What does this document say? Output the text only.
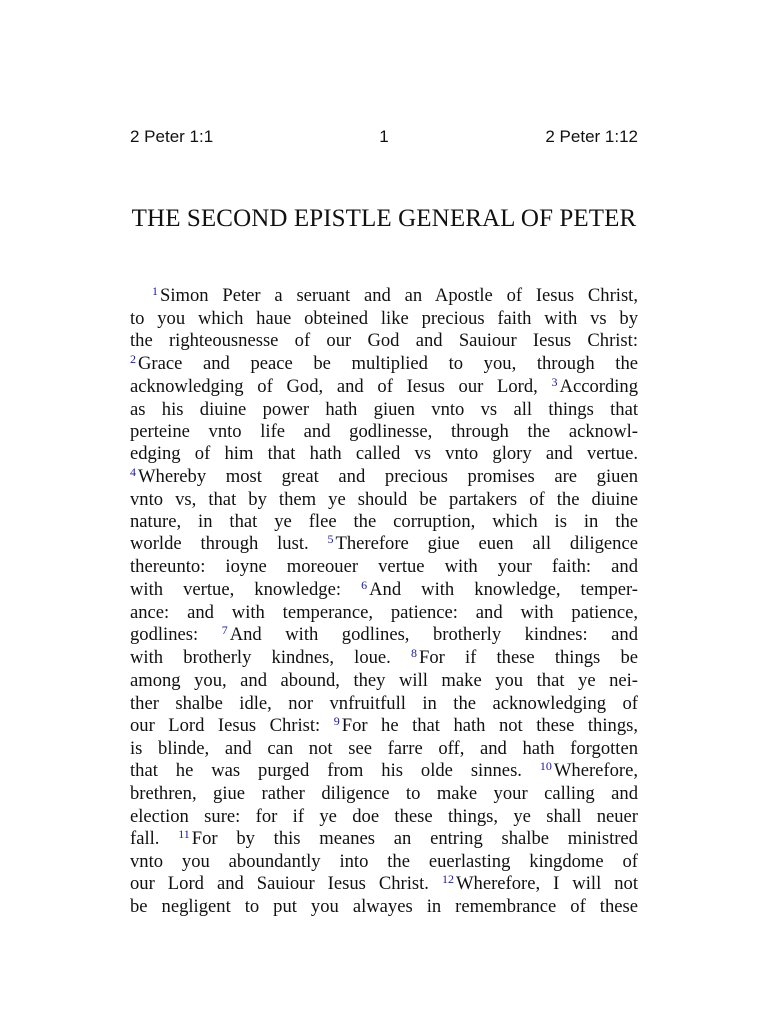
2 Peter 1:1	1	2 Peter 1:12
THE SECOND EPISTLE GENERAL OF PETER
$^1$ Simon Peter a seruant and an Apostle of Iesus Christ,
to you which haue obteined like precious faith with vs by
the righteousnesse of our God and Sauiour Iesus Christ:
$^2$ Grace and peace be multiplied to you, through the
acknowledging of God, and of Iesus our Lord, $^3$ According
as his diuine power hath giuen vnto vs all things that
perteine vnto life and godlinesse, through the acknowl-
edging of him that hath called vs vnto glory and vertue.
$^4$ Whereby most great and precious promises are giuen
vnto vs, that by them ye should be partakers of the diuine
nature, in that ye flee the corruption, which is in the
worlde through lust. $^5$ Therefore giue euen all diligence
thereunto: ioyne moreouer vertue with your faith: and
with vertue, knowledge: $^6$ And with knowledge, temper-
ance: and with temperance, patience: and with patience,
godlines: $^7$ And with godlines, brotherly kindnes: and
with brotherly kindnes, loue. $^8$ For if these things be
among you, and abound, they will make you that ye nei-
ther shalbe idle, nor vnfruitfull in the acknowledging of
our Lord Iesus Christ: $^9$ For he that hath not these things,
is blinde, and can not see farre off, and hath forgotten
that he was purged from his olde sinnes. $^{10}$ Wherefore,
brethren, giue rather diligence to make your calling and
election sure: for if ye doe these things, ye shall neuer
fall. $^{11}$ For by this meanes an entring shalbe ministred
vnto you aboundantly into the euerlasting kingdome of
our Lord and Sauiour Iesus Christ. $^{12}$ Wherefore, I will not
be negligent to put you alwayes in remembrance of these
